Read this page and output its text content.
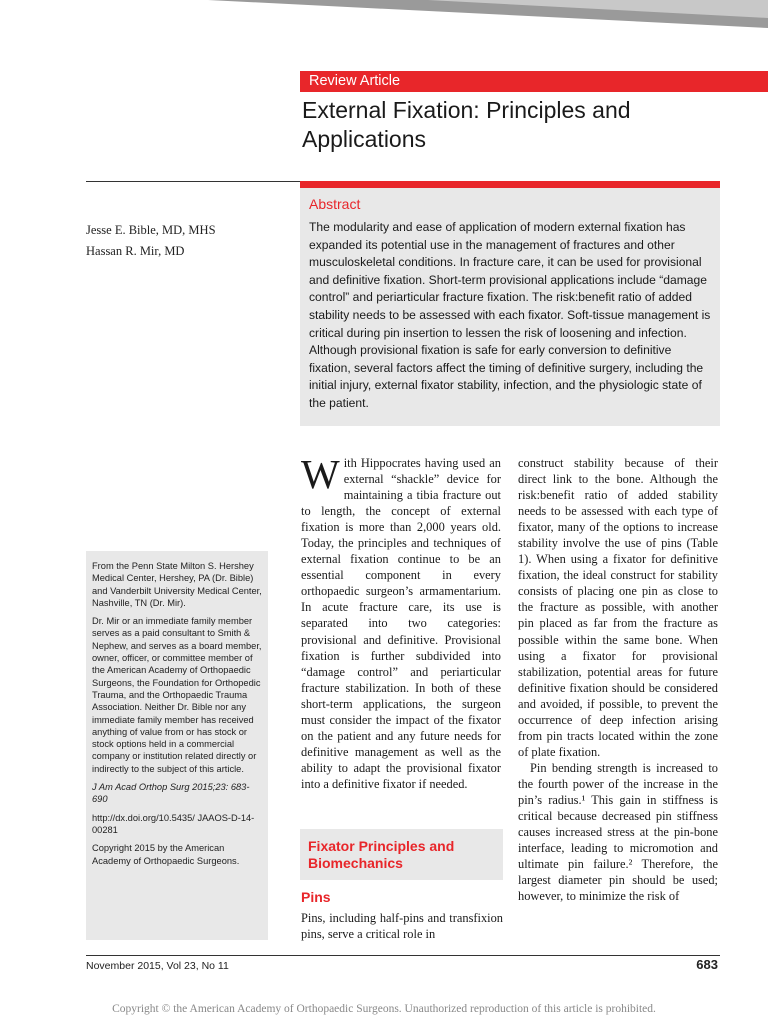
Review Article
External Fixation: Principles and Applications
Abstract

The modularity and ease of application of modern external fixation has expanded its potential use in the management of fractures and other musculoskeletal conditions. In fracture care, it can be used for provisional and definitive fixation. Short-term provisional applications include “damage control” and periarticular fracture fixation. The risk:benefit ratio of added stability needs to be assessed with each fixator. Soft-tissue management is critical during pin insertion to lessen the risk of loosening and infection. Although provisional fixation is safe for early conversion to definitive fixation, several factors affect the timing of definitive surgery, including the initial injury, external fixator stability, infection, and the physiologic state of the patient.

Jesse E. Bible, MD, MHS
Hassan R. Mir, MD

From the Penn State Milton S. Hershey Medical Center, Hershey, PA (Dr. Bible) and Vanderbilt University Medical Center, Nashville, TN (Dr. Mir).

Dr. Mir or an immediate family member serves as a paid consultant to Smith & Nephew, and serves as a board member, owner, officer, or committee member of the American Academy of Orthopaedic Surgeons, the Foundation for Orthopedic Trauma, and the Orthopaedic Trauma Association. Neither Dr. Bible nor any immediate family member has received anything of value from or has stock or stock options held in a commercial company or institution related directly or indirectly to the subject of this article.

J Am Acad Orthop Surg 2015;23: 683-690

http://dx.doi.org/10.5435/ JAAOS-D-14-00281

Copyright 2015 by the American Academy of Orthopaedic Surgeons.

With Hippocrates having used an external “shackle” device for maintaining a tibia fracture out to length, the concept of external fixation is more than 2,000 years old. Today, the principles and techniques of external fixation continue to be an essential component in every orthopaedic surgeon’s armamentarium. In acute fracture care, its use is separated into two categories: provisional and definitive. Provisional fixation is further subdivided into “damage control” and periarticular fracture stabilization. In both of these short-term applications, the surgeon must consider the impact of the fixator on the patient and any future needs for definitive management as well as the ability to adapt the provisional fixator into a definitive fixator if needed.

Fixator Principles and Biomechanics
Pins

Pins, including half-pins and transfixion pins, serve a critical role in

construct stability because of their direct link to the bone. Although the risk:benefit ratio of added stability needs to be assessed with each type of fixator, many of the options to increase stability involve the use of pins (Table 1). When using a fixator for definitive fixation, the ideal construct for stability consists of placing one pin as close to the fracture as possible, with another pin placed as far from the fracture as possible within the same bone. When using a fixator for provisional stabilization, potential areas for future definitive fixation should be considered and avoided, if possible, to prevent the occurrence of deep infection arising from pin tracts located within the zone of plate fixation.

Pin bending strength is increased to the fourth power of the increase in the pin’s radius.¹ This gain in stiffness is critical because decreased pin stiffness causes increased stress at the pin-bone interface, leading to micromotion and ultimate pin failure.² Therefore, the largest diameter pin should be used; however, to minimize the risk of

November 2015, Vol 23, No 11	683
Copyright © the American Academy of Orthopaedic Surgeons. Unauthorized reproduction of this article is prohibited.
